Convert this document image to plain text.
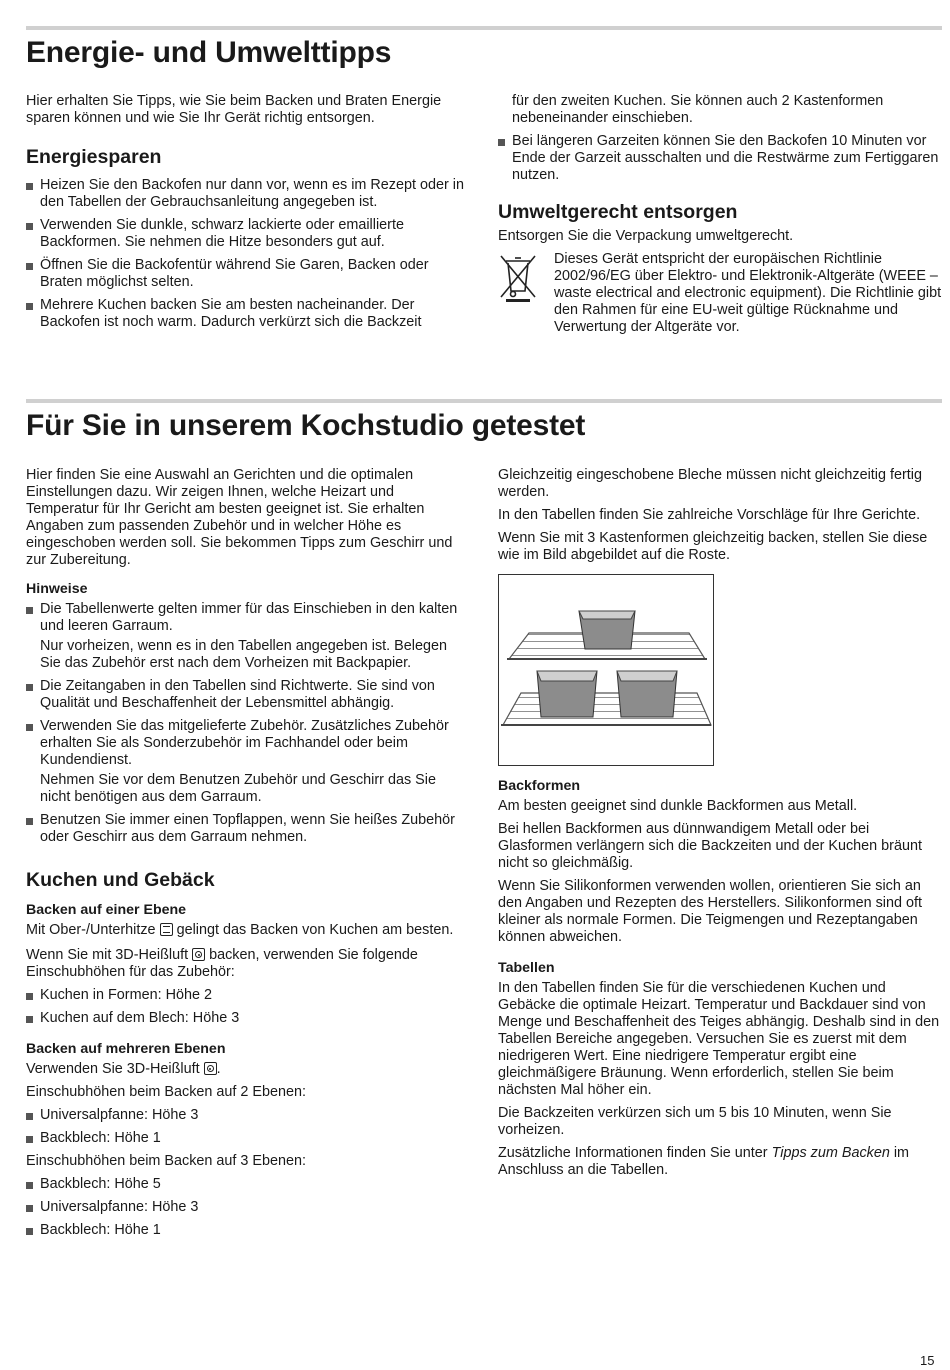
Energie- und Umwelttipps

Hier erhalten Sie Tipps, wie Sie beim Backen und Braten Energie sparen können und wie Sie Ihr Gerät richtig entsorgen.

Energiesparen
Heizen Sie den Backofen nur dann vor, wenn es im Rezept oder in den Tabellen der Gebrauchsanleitung angegeben ist.
Verwenden Sie dunkle, schwarz lackierte oder emaillierte Backformen. Sie nehmen die Hitze besonders gut auf.
Öffnen Sie die Backofentür während Sie Garen, Backen oder Braten möglichst selten.
Mehrere Kuchen backen Sie am besten nacheinander. Der Backofen ist noch warm. Dadurch verkürzt sich die Backzeit

für den zweiten Kuchen. Sie können auch 2 Kastenformen nebeneinander einschieben.

Bei längeren Garzeiten können Sie den Backofen 10 Minuten vor Ende der Garzeit ausschalten und die Restwärme zum Fertiggaren nutzen.
Umweltgerecht entsorgen

Entsorgen Sie die Verpackung umweltgerecht.

Dieses Gerät entspricht der europäischen Richtlinie 2002/96/EG über Elektro- und Elektronik-Altgeräte (WEEE – waste electrical and electronic equipment). Die Richtlinie gibt den Rahmen für eine EU-weit gültige Rücknahme und Verwertung der Altgeräte vor.

Für Sie in unserem Kochstudio getestet

Hier finden Sie eine Auswahl an Gerichten und die optimalen Einstellungen dazu. Wir zeigen Ihnen, welche Heizart und Temperatur für Ihr Gericht am besten geeignet ist. Sie erhalten Angaben zum passenden Zubehör und in welcher Höhe es eingeschoben werden soll. Sie bekommen Tipps zum Geschirr und zur Zubereitung.

Hinweise

Die Tabellenwerte gelten immer für das Einschieben in den kalten und leeren Garraum.

Nur vorheizen, wenn es in den Tabellen angegeben ist. Belegen Sie das Zubehör erst nach dem Vorheizen mit Backpapier.

Die Zeitangaben in den Tabellen sind Richtwerte. Sie sind von Qualität und Beschaffenheit der Lebensmittel abhängig.

Verwenden Sie das mitgelieferte Zubehör. Zusätzliches Zubehör erhalten Sie als Sonderzubehör im Fachhandel oder beim Kundendienst.

Nehmen Sie vor dem Benutzen Zubehör und Geschirr das Sie nicht benötigen aus dem Garraum.

Benutzen Sie immer einen Topflappen, wenn Sie heißes Zubehör oder Geschirr aus dem Garraum nehmen.
Kuchen und Gebäck
Backen auf einer Ebene

Mit Ober-/Unterhitze gelingt das Backen von Kuchen am besten.

Wenn Sie mit 3D-Heißluft backen, verwenden Sie folgende Einschubhöhen für das Zubehör:

Kuchen in Formen: Höhe 2
Kuchen auf dem Blech: Höhe 3
Backen auf mehreren Ebenen

Verwenden Sie 3D-Heißluft .

Einschubhöhen beim Backen auf 2 Ebenen:

Universalpfanne: Höhe 3
Backblech: Höhe 1

Einschubhöhen beim Backen auf 3 Ebenen:

Backblech: Höhe 5
Universalpfanne: Höhe 3
Backblech: Höhe 1

Gleichzeitig eingeschobene Bleche müssen nicht gleichzeitig fertig werden.

In den Tabellen finden Sie zahlreiche Vorschläge für Ihre Gerichte.

Wenn Sie mit 3 Kastenformen gleichzeitig backen, stellen Sie diese wie im Bild abgebildet auf die Roste.

Backformen

Am besten geeignet sind dunkle Backformen aus Metall.

Bei hellen Backformen aus dünnwandigem Metall oder bei Glasformen verlängern sich die Backzeiten und der Kuchen bräunt nicht so gleichmäßig.

Wenn Sie Silikonformen verwenden wollen, orientieren Sie sich an den Angaben und Rezepten des Herstellers. Silikonformen sind oft kleiner als normale Formen. Die Teigmengen und Rezeptangaben können abweichen.

Tabellen

In den Tabellen finden Sie für die verschiedenen Kuchen und Gebäcke die optimale Heizart. Temperatur und Backdauer sind von Menge und Beschaffenheit des Teiges abhängig. Deshalb sind in den Tabellen Bereiche angegeben. Versuchen Sie es zuerst mit dem niedrigeren Wert. Eine niedrigere Temperatur ergibt eine gleichmäßigere Bräunung. Wenn erforderlich, stellen Sie beim nächsten Mal höher ein.

Die Backzeiten verkürzen sich um 5 bis 10 Minuten, wenn Sie vorheizen.

Zusätzliche Informationen finden Sie unter Tipps zum Backen im Anschluss an die Tabellen.

15
